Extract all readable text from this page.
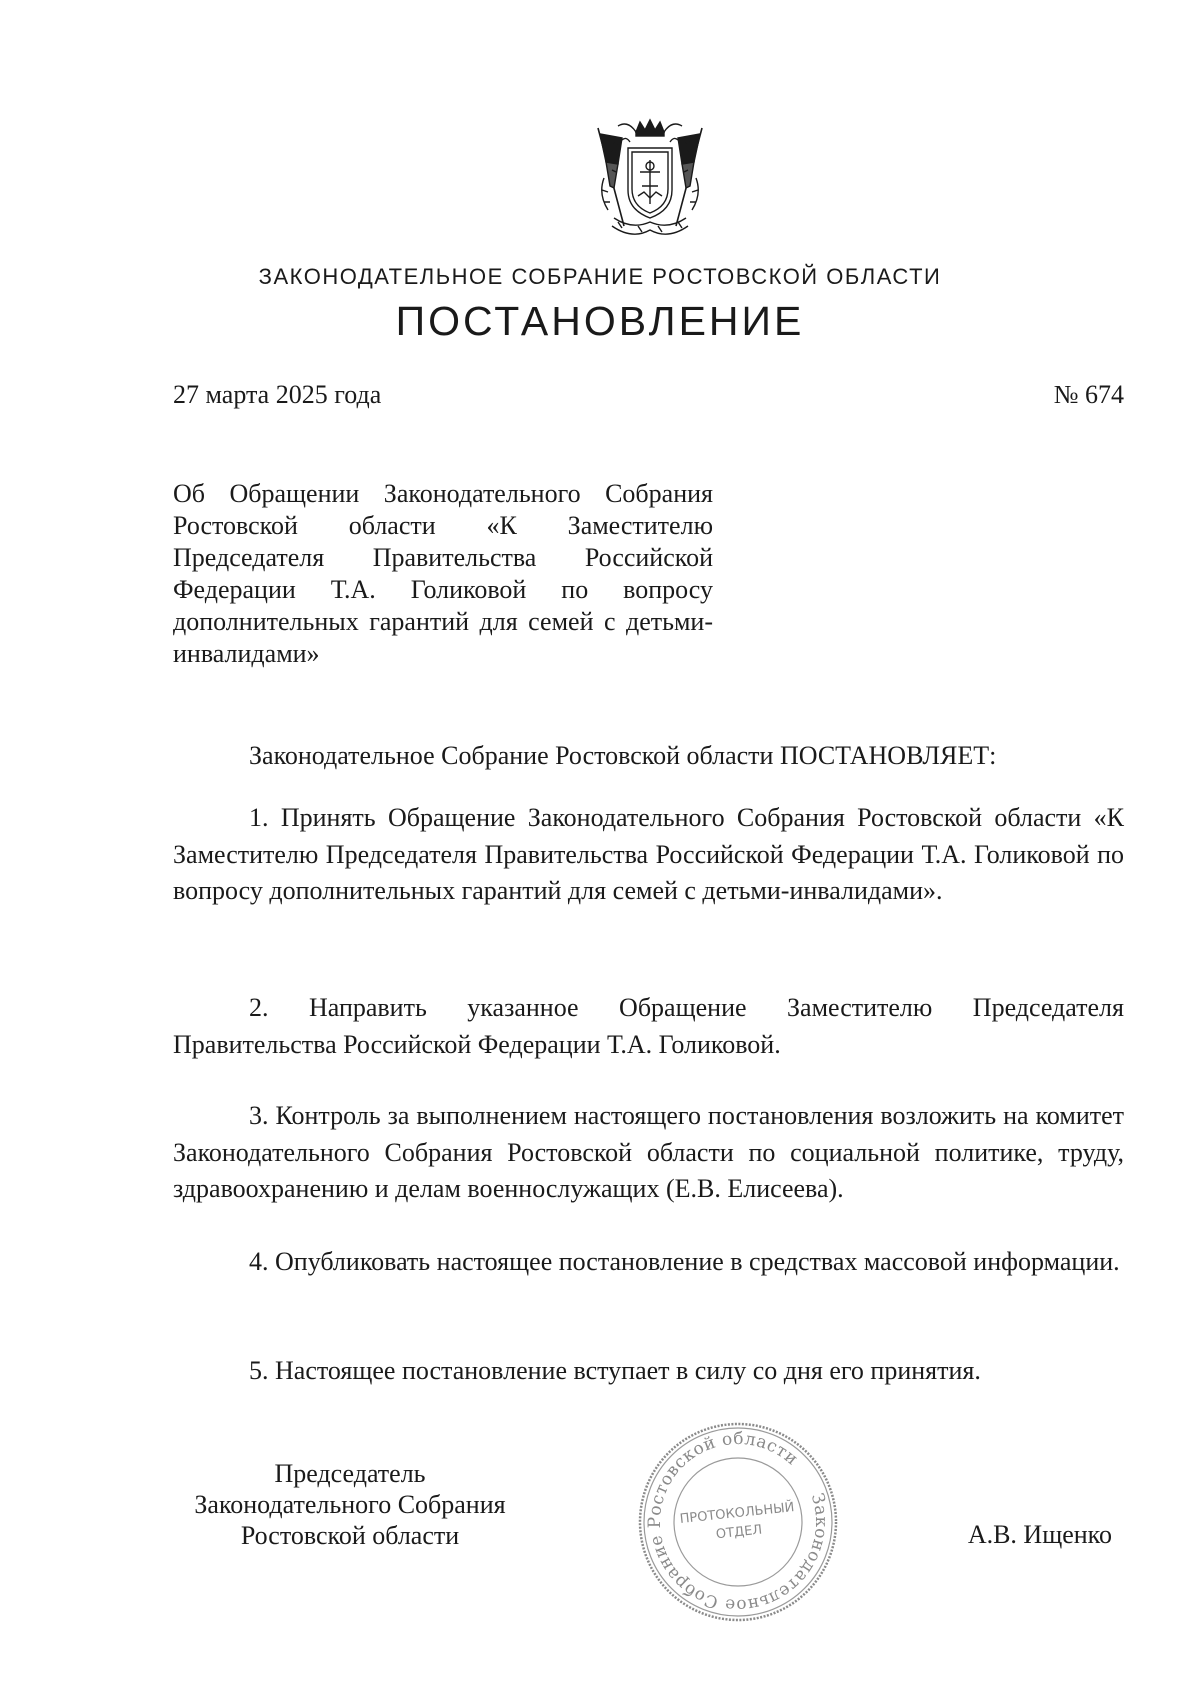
ЗАКОНОДАТЕЛЬНОЕ СОБРАНИЕ РОСТОВСКОЙ ОБЛАСТИ
ПОСТАНОВЛЕНИЕ
27 марта 2025 года	№ 674

Об Обращении Законодательного Собрания Ростовской области «К Заместителю Председателя Правительства Российской Федерации Т.А. Голиковой по вопросу дополнительных гарантий для семей с детьми-инвалидами»

Законодательное Собрание Ростовской области ПОСТАНОВЛЯЕТ:

1. Принять Обращение Законодательного Собрания Ростовской области «К Заместителю Председателя Правительства Российской Федерации Т.А. Голиковой по вопросу дополнительных гарантий для семей с детьми-инвалидами».

2. Направить указанное Обращение Заместителю Председателя Правительства Российской Федерации Т.А. Голиковой.

3. Контроль за выполнением настоящего постановления возложить на комитет Законодательного Собрания Ростовской области по социальной политике, труду, здравоохранению и делам военнослужащих (Е.В. Елисеева).

4. Опубликовать настоящее постановление в средствах массовой информации.

5. Настоящее постановление вступает в силу со дня его принятия.

Председатель
Законодательного Собрания
Ростовской области
Законодательное Собрание Ростовской области
ПРОТОКОЛЬНЫЙ
ОТДЕЛ	А.В. Ищенко
